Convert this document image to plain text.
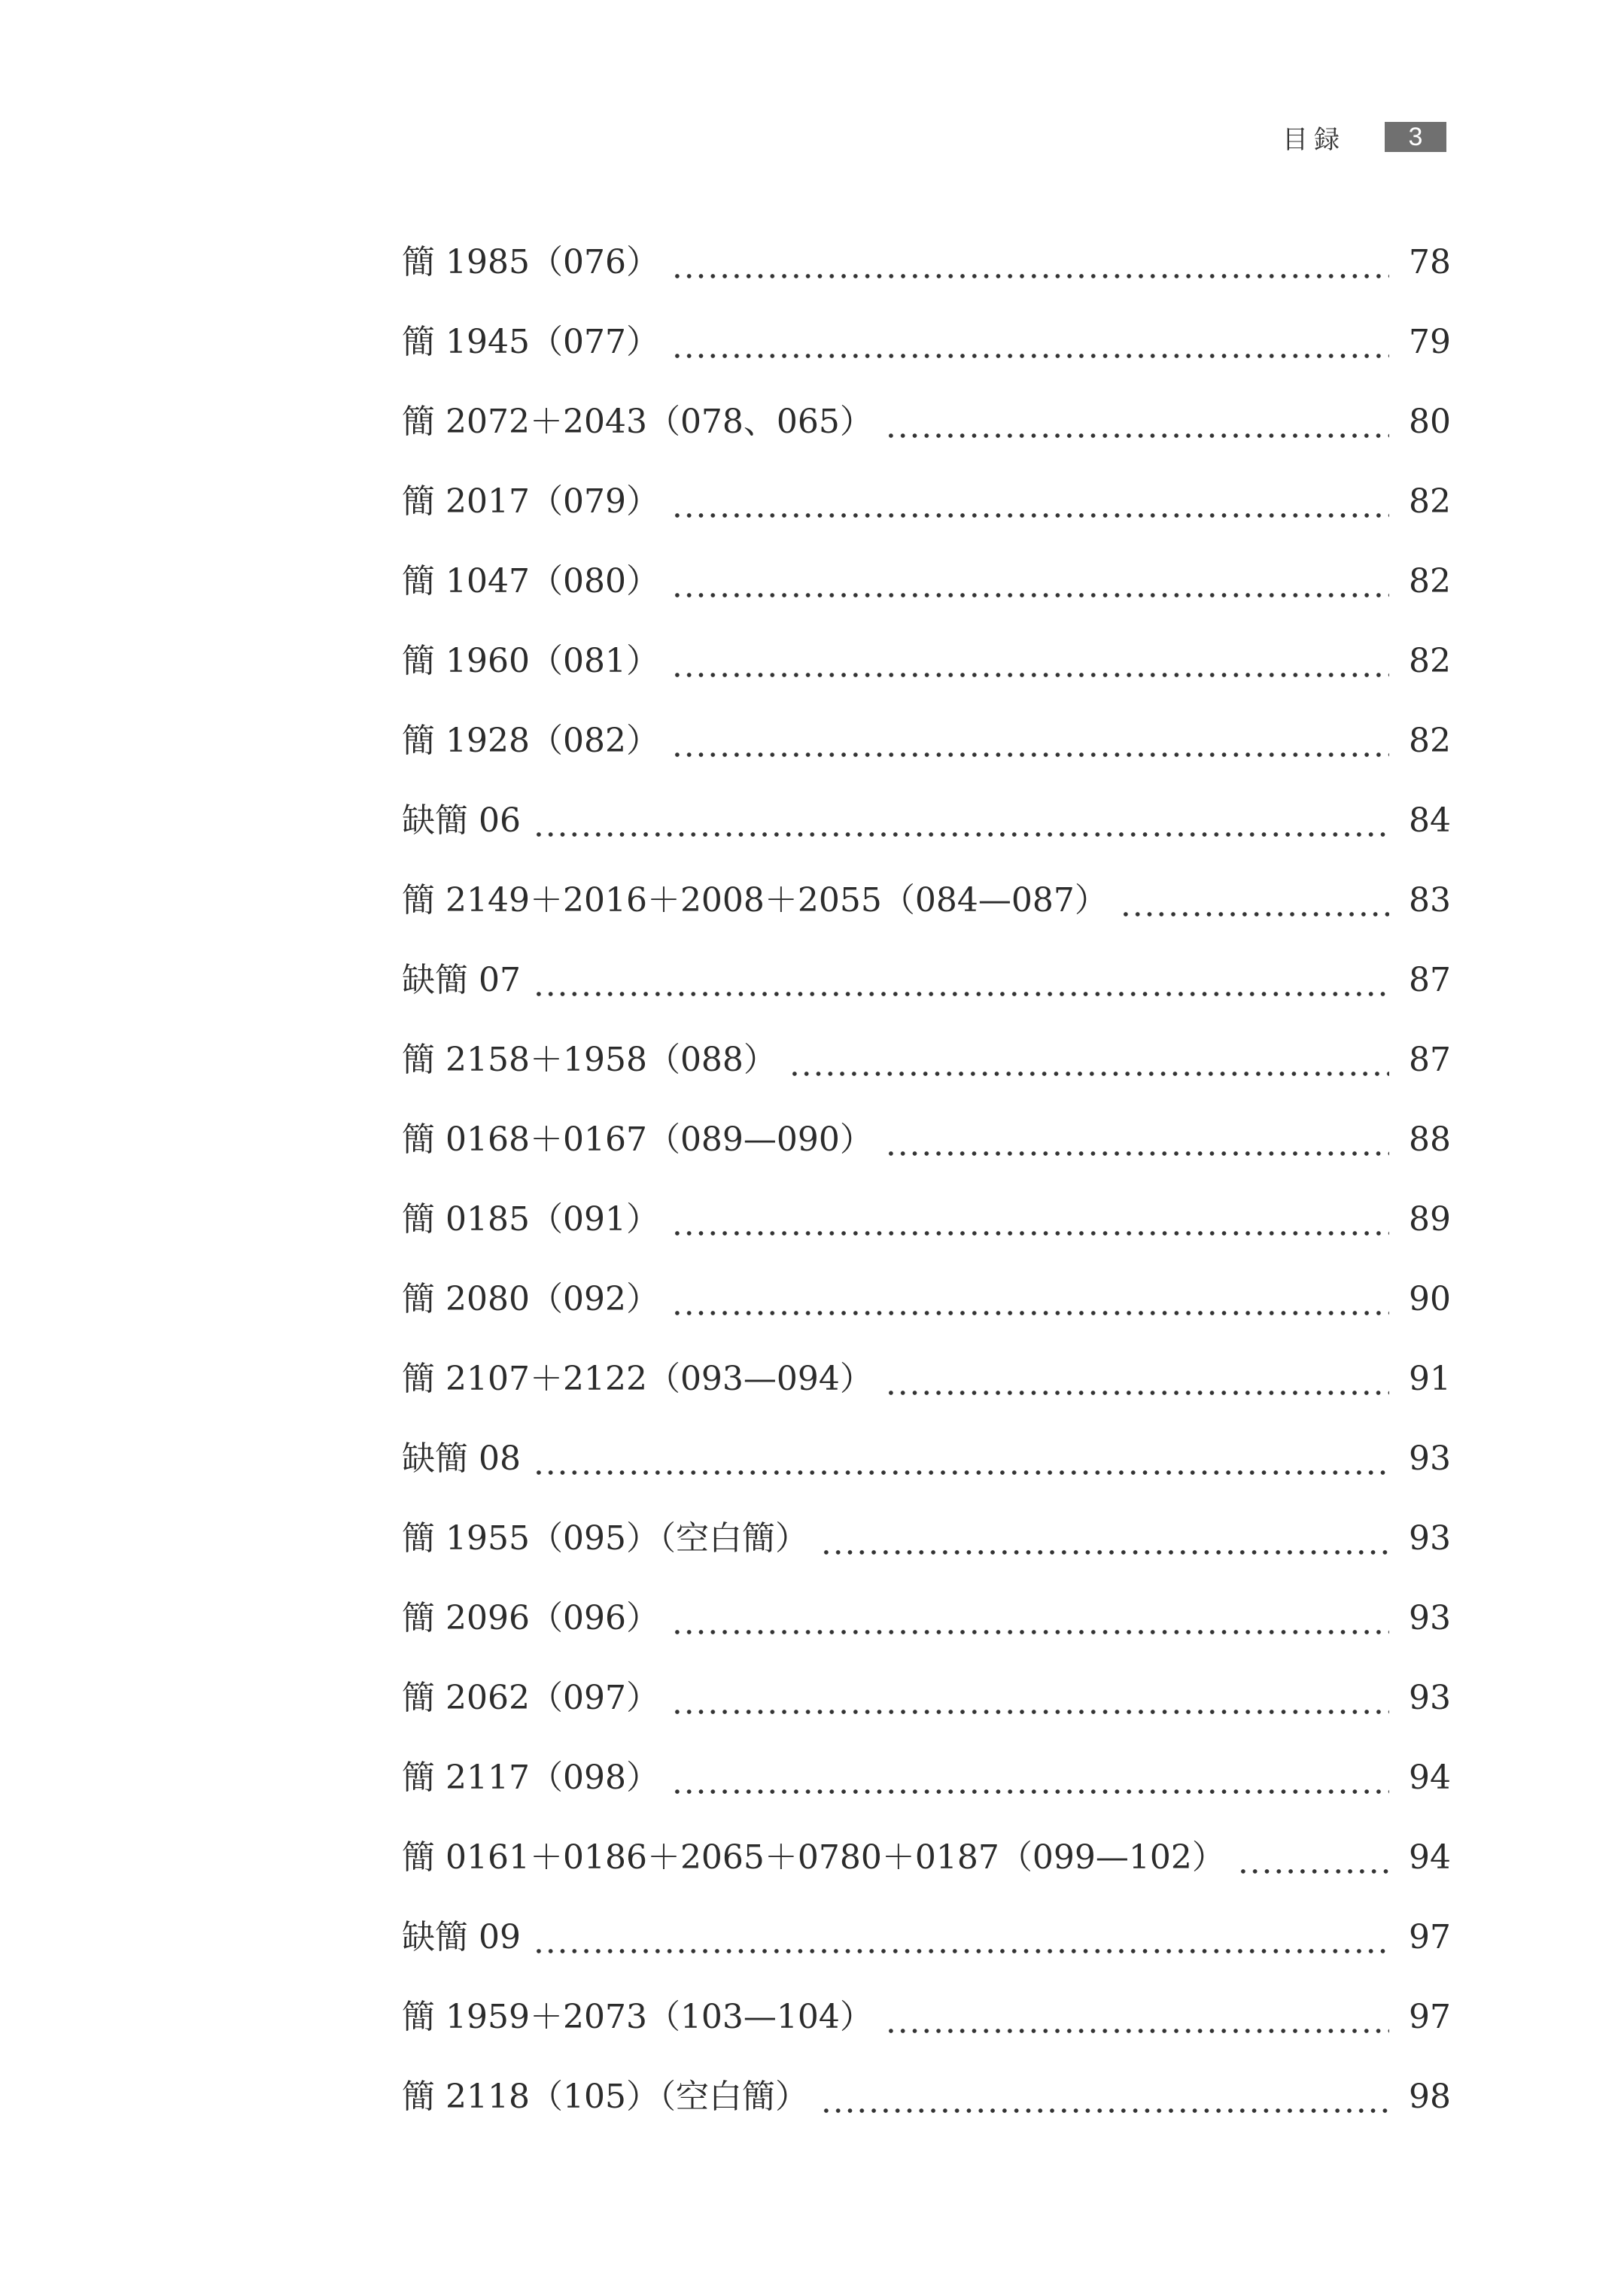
目録	3
簡 1985（076）	78
簡 1945（077）	79
簡 2072＋2043（078、065）	80
簡 2017（079）	82
簡 1047（080）	82
簡 1960（081）	82
簡 1928（082）	82
缺簡 06	84
簡 2149＋2016＋2008＋2055（084—087）	83
缺簡 07	87
簡 2158＋1958（088）	87
簡 0168＋0167（089—090）	88
簡 0185（091）	89
簡 2080（092）	90
簡 2107＋2122（093—094）	91
缺簡 08	93
簡 1955（095）（空白簡）	93
簡 2096（096）	93
簡 2062（097）	93
簡 2117（098）	94
簡 0161＋0186＋2065＋0780＋0187（099—102）	94
缺簡 09	97
簡 1959＋2073（103—104）	97
簡 2118（105）（空白簡）	98
